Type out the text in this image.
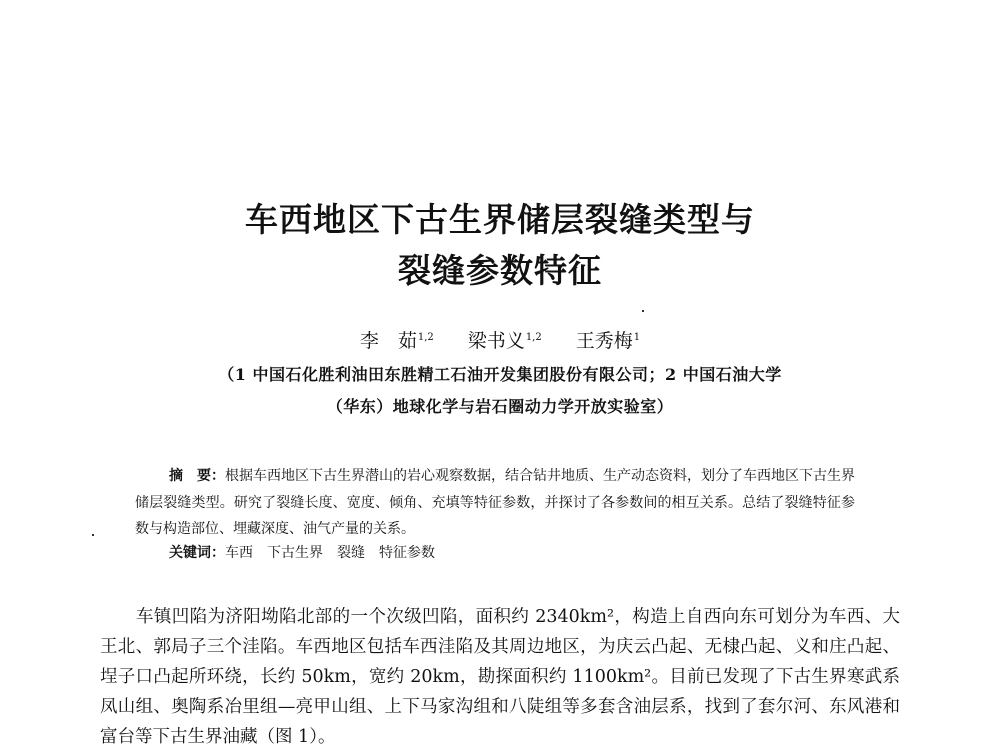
车西地区下古生界储层裂缝类型与
裂缝参数特征
李　茹$^{1,2}$ 梁书义$^{1,2}$ 王秀梅$^1$
（1 中国石化胜利油田东胜精工石油开发集团股份有限公司；2 中国石油大学
（华东）地球化学与岩石圈动力学开放实验室）

摘　要：根据车西地区下古生界潜山的岩心观察数据，结合钻井地质、生产动态资料，划分了车西地区下古生界储层裂缝类型。研究了裂缝长度、宽度、倾角、充填等特征参数，并探讨了各参数间的相互关系。总结了裂缝特征参数与构造部位、埋藏深度、油气产量的关系。

关键词：车西 下古生界 裂缝 特征参数

车镇凹陷为济阳坳陷北部的一个次级凹陷，面积约 2340km²，构造上自西向东可划分为车西、大王北、郭局子三个洼陷。车西地区包括车西洼陷及其周边地区，为庆云凸起、无棣凸起、义和庄凸起、埕子口凸起所环绕，长约 50km，宽约 20km，勘探面积约 1100km²。目前已发现了下古生界寒武系凤山组、奥陶系冶里组—亮甲山组、上下马家沟组和八陡组等多套含油层系，找到了套尔河、东风港和富台等下古生界油藏（图 1）。
